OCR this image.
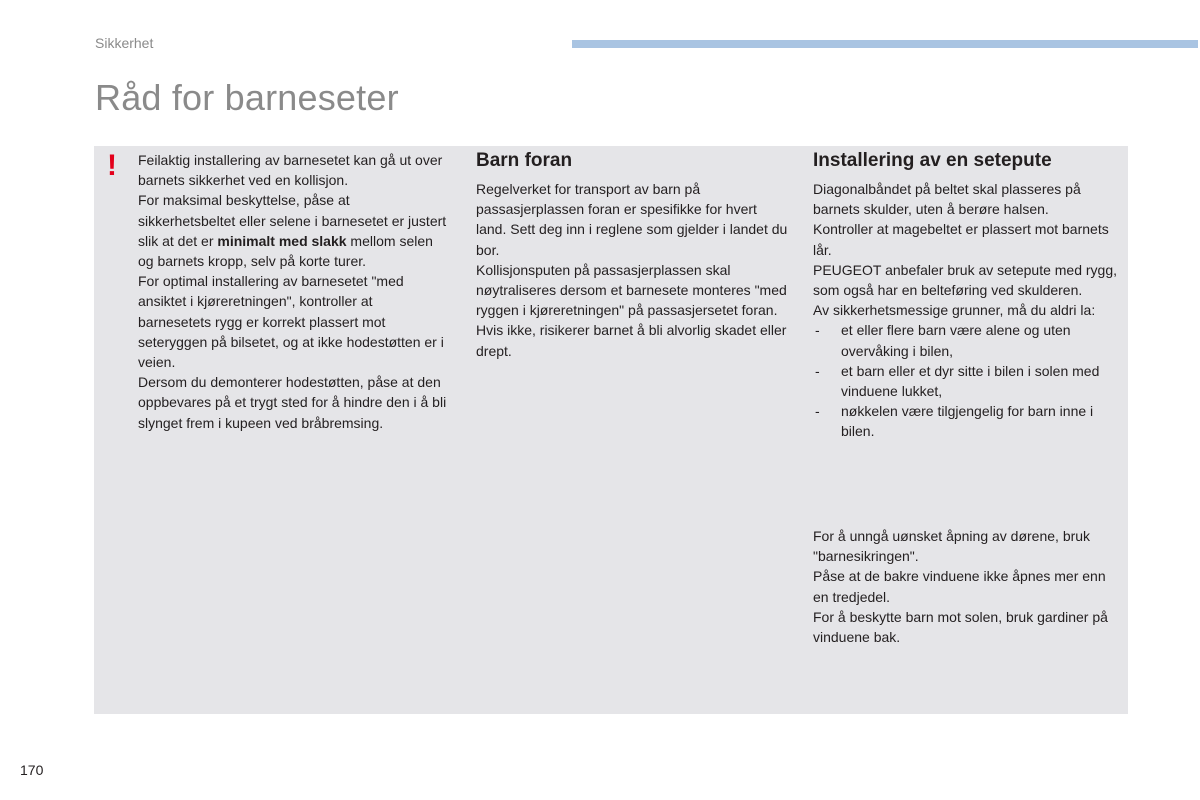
Sikkerhet
Råd for barneseter
! Feilaktig installering av barnesetet kan gå ut over barnets sikkerhet ved en kollisjon.

For maksimal beskyttelse, påse at sikkerhetsbeltet eller selene i barnesetet er justert slik at det er minimalt med slakk mellom selen og barnets kropp, selv på korte turer.

For optimal installering av barnesetet "med ansiktet i kjøreretningen", kontroller at barnesetets rygg er korrekt plassert mot seteryggen på bilsetet, og at ikke hodestøtten er i veien.

Dersom du demonterer hodestøtten, påse at den oppbevares på et trygt sted for å hindre den i å bli slynget frem i kupeen ved bråbremsing.

Barn foran

Regelverket for transport av barn på passasjerplassen foran er spesifikke for hvert land. Sett deg inn i reglene som gjelder i landet du bor.

Kollisjonsputen på passasjerplassen skal nøytraliseres dersom et barnesete monteres "med ryggen i kjøreretningen" på passasjersetet foran. Hvis ikke, risikerer barnet å bli alvorlig skadet eller drept.

Installering av en setepute

Diagonalbåndet på beltet skal plasseres på barnets skulder, uten å berøre halsen.

Kontroller at magebeltet er plassert mot barnets lår.

PEUGEOT anbefaler bruk av setepute med rygg, som også har en belteføring ved skulderen.

Av sikkerhetsmessige grunner, må du aldri la:

- et eller flere barn være alene og uten overvåking i bilen,
- et barn eller et dyr sitte i bilen i solen med vinduene lukket,
- nøkkelen være tilgjengelig for barn inne i bilen.

For å unngå uønsket åpning av dørene, bruk "barnesikringen".

Påse at de bakre vinduene ikke åpnes mer enn en tredjedel.

For å beskytte barn mot solen, bruk gardiner på vinduene bak.

170
